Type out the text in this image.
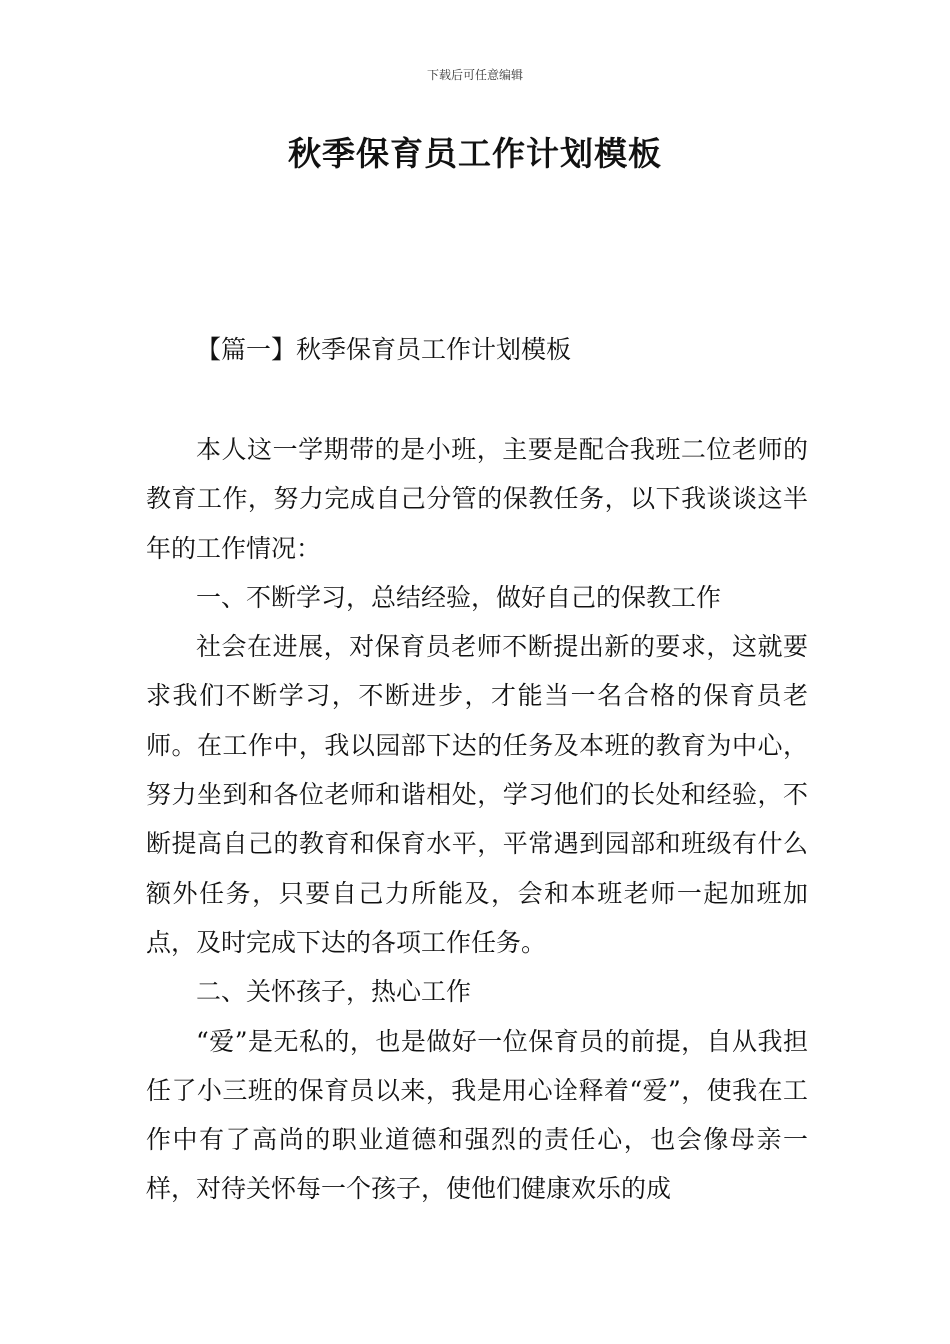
下载后可任意编辑
秋季保育员工作计划模板
【篇一】秋季保育员工作计划模板

本人这一学期带的是小班，主要是配合我班二位老师的教育工作，努力完成自己分管的保教任务，以下我谈谈这半年的工作情况：

一、不断学习，总结经验，做好自己的保教工作

社会在进展，对保育员老师不断提出新的要求，这就要求我们不断学习，不断进步，才能当一名合格的保育员老师。在工作中，我以园部下达的任务及本班的教育为中心，努力坐到和各位老师和谐相处，学习他们的长处和经验，不断提高自己的教育和保育水平，平常遇到园部和班级有什么额外任务，只要自己力所能及，会和本班老师一起加班加点，及时完成下达的各项工作任务。

二、关怀孩子，热心工作

“爱”是无私的，也是做好一位保育员的前提，自从我担任了小三班的保育员以来，我是用心诠释着“爱”，使我在工作中有了高尚的职业道德和强烈的责任心，也会像母亲一样，对待关怀每一个孩子，使他们健康欢乐的成
